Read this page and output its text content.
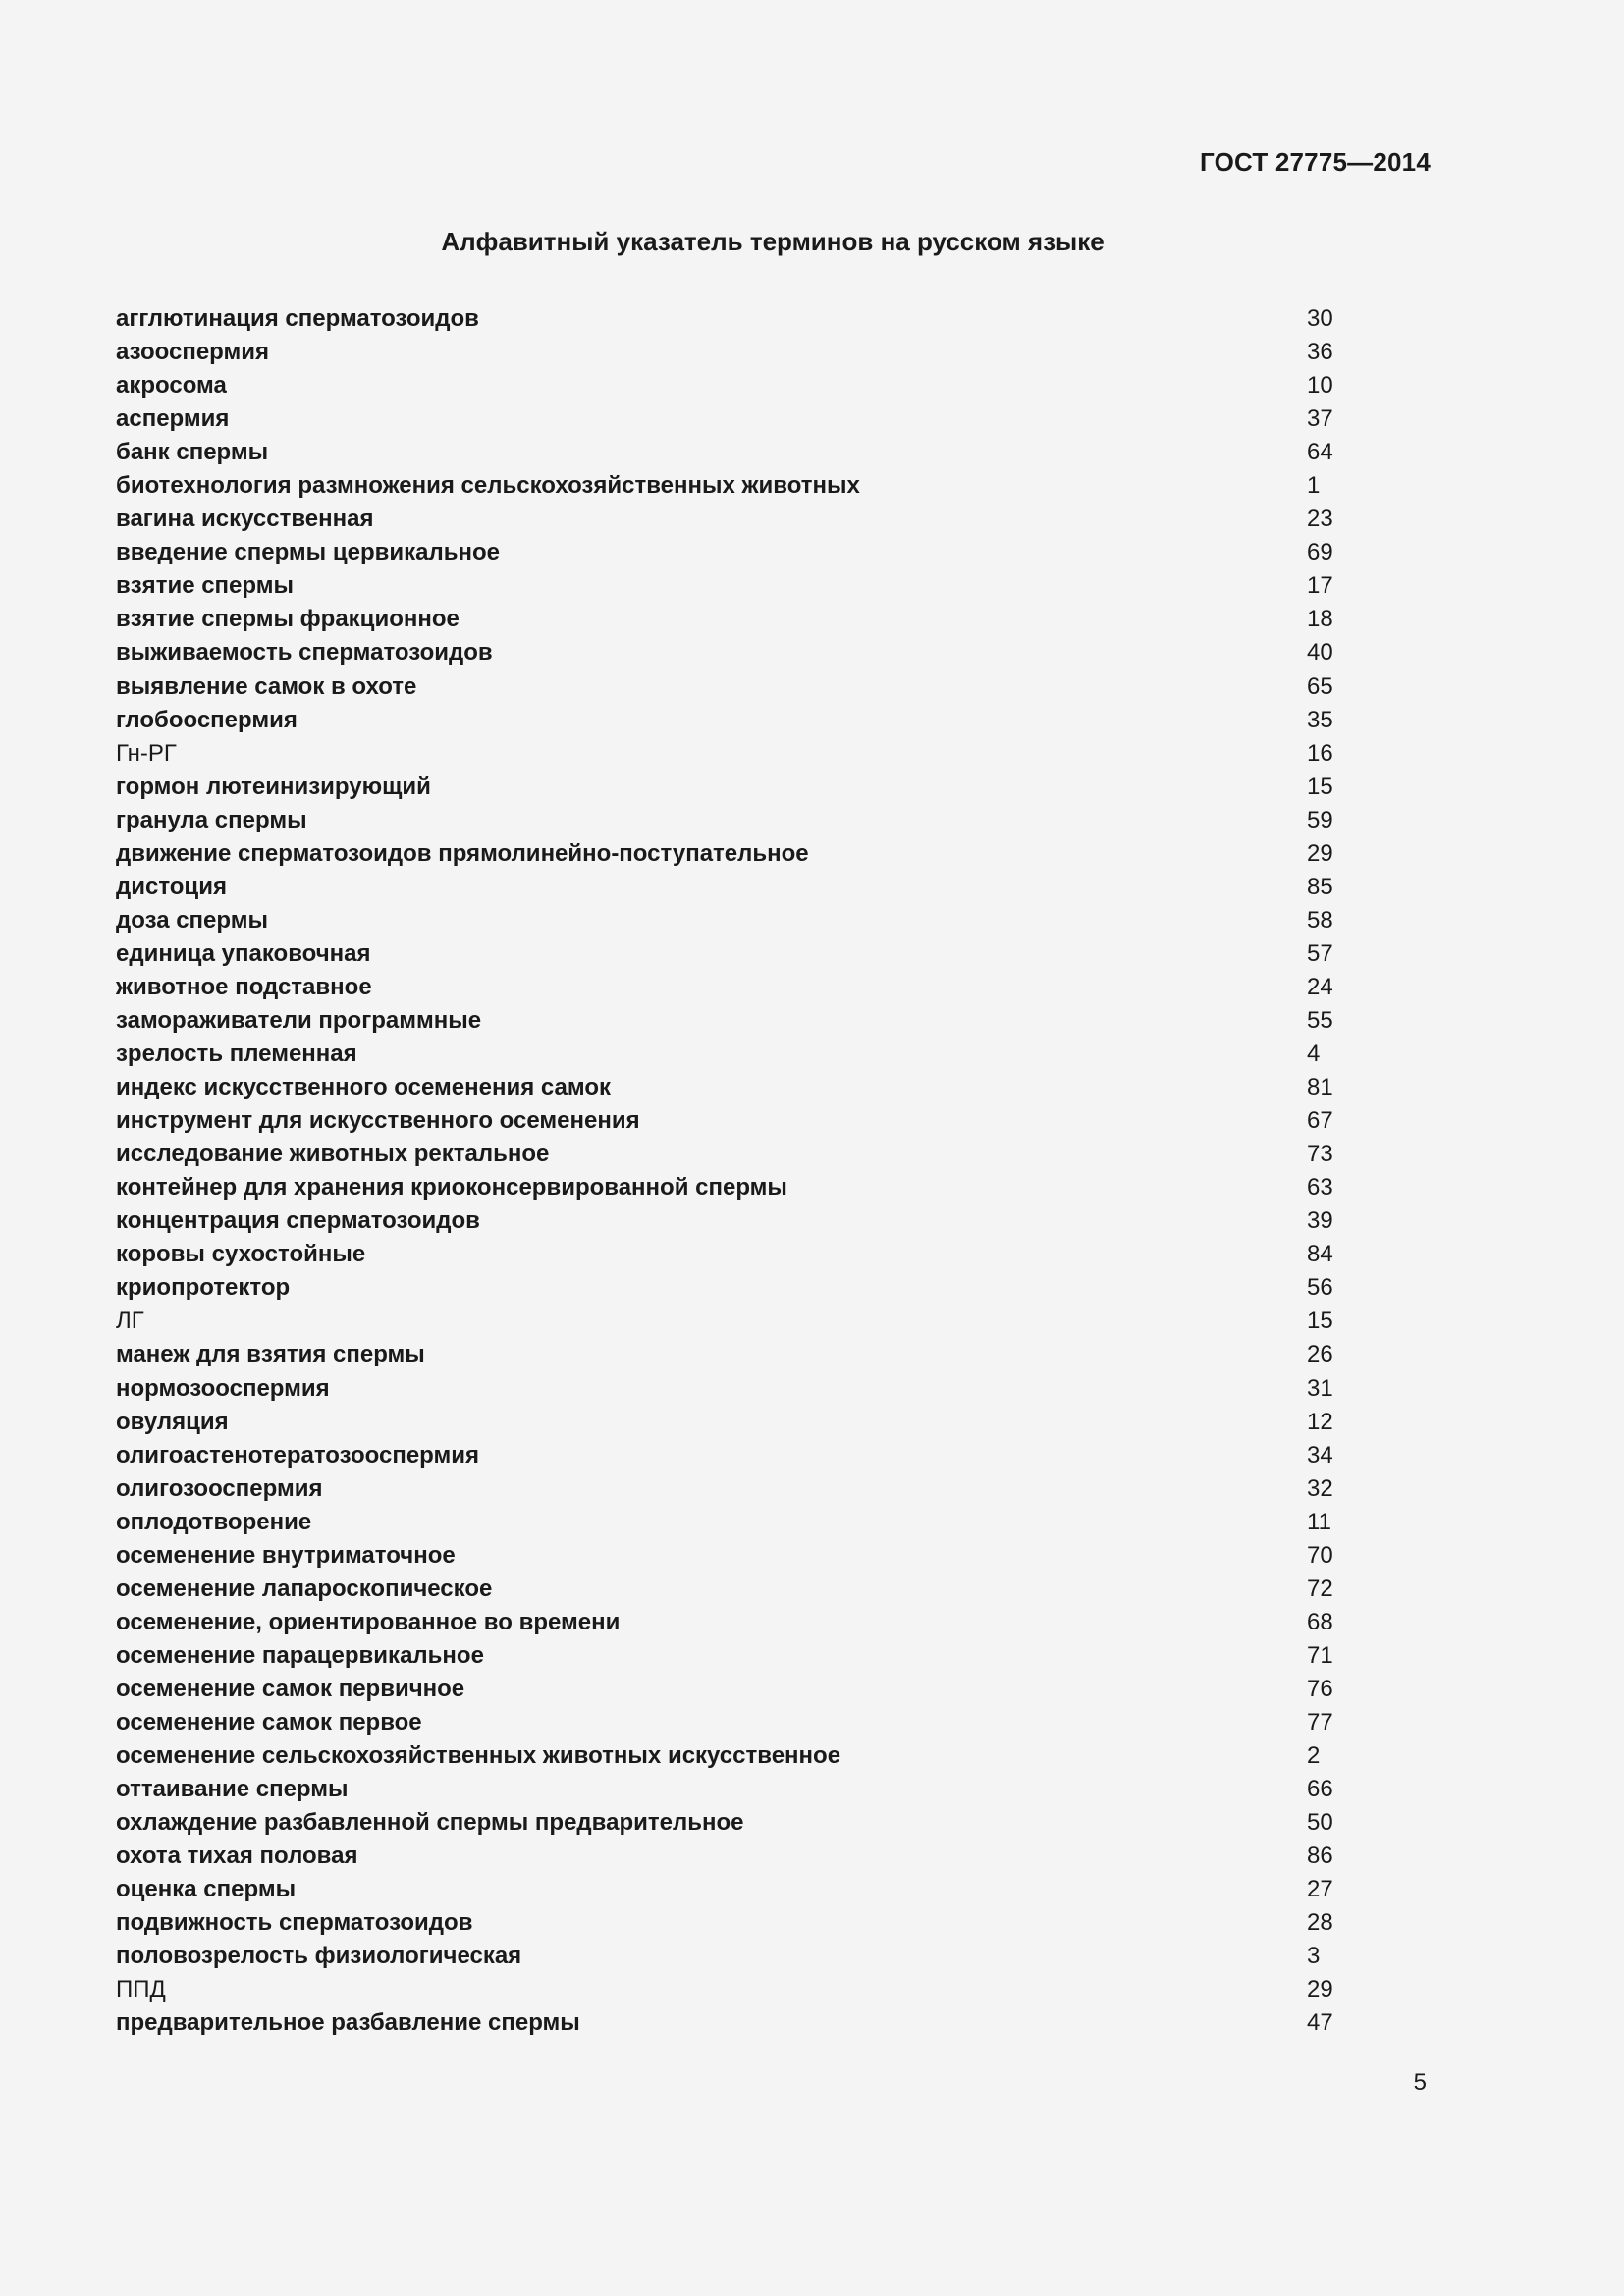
ГОСТ 27775—2014
Алфавитный указатель терминов на русском языке
агглютинация сперматозоидов	30
азооспермия	36
акросома	10
аспермия	37
банк спермы	64
биотехнология размножения сельскохозяйственных животных	1
вагина искусственная	23
введение спермы цервикальное	69
взятие спермы	17
взятие спермы фракционное	18
выживаемость сперматозоидов	40
выявление самок в охоте	65
глобооспермия	35
Гн-РГ	16
гормон лютеинизирующий	15
гранула спермы	59
движение сперматозоидов прямолинейно-поступательное	29
дистоция	85
доза спермы	58
единица упаковочная	57
животное подставное	24
замораживатели программные	55
зрелость племенная	4
индекс искусственного осеменения самок	81
инструмент для искусственного осеменения	67
исследование животных ректальное	73
контейнер для хранения криоконсервированной спермы	63
концентрация сперматозоидов	39
коровы сухостойные	84
криопротектор	56
ЛГ	15
манеж для взятия спермы	26
нормозооспермия	31
овуляция	12
олигоастенотератозооспермия	34
олигозооспермия	32
оплодотворение	11
осеменение внутриматочное	70
осеменение лапароскопическое	72
осеменение, ориентированное во времени	68
осеменение парацервикальное	71
осеменение самок первичное	76
осеменение самок первое	77
осеменение сельскохозяйственных животных искусственное	2
оттаивание спермы	66
охлаждение разбавленной спермы предварительное	50
охота тихая половая	86
оценка спермы	27
подвижность сперматозоидов	28
половозрелость физиологическая	3
ППД	29
предварительное разбавление спермы	47
5
